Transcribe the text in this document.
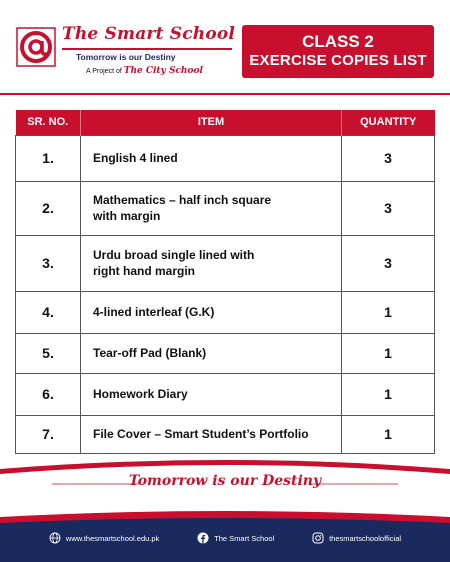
The Smart School
Tomorrow is our Destiny
A Project of The City School
CLASS 2
EXERCISE COPIES LIST
SR. NO.	ITEM	QUANTITY
1.	English 4 lined	3
2.	Mathematics – half inch square
with margin	3
3.	Urdu broad single lined with
right hand margin	3
4.	4-lined interleaf (G.K)	1
5.	Tear-off Pad (Blank)	1
6.	Homework Diary	1
7.	File Cover – Smart Student’s Portfolio	1
Tomorrow is our Destiny
www.thesmartschool.edu.pk	The Smart School	thesmartschoolofficial
